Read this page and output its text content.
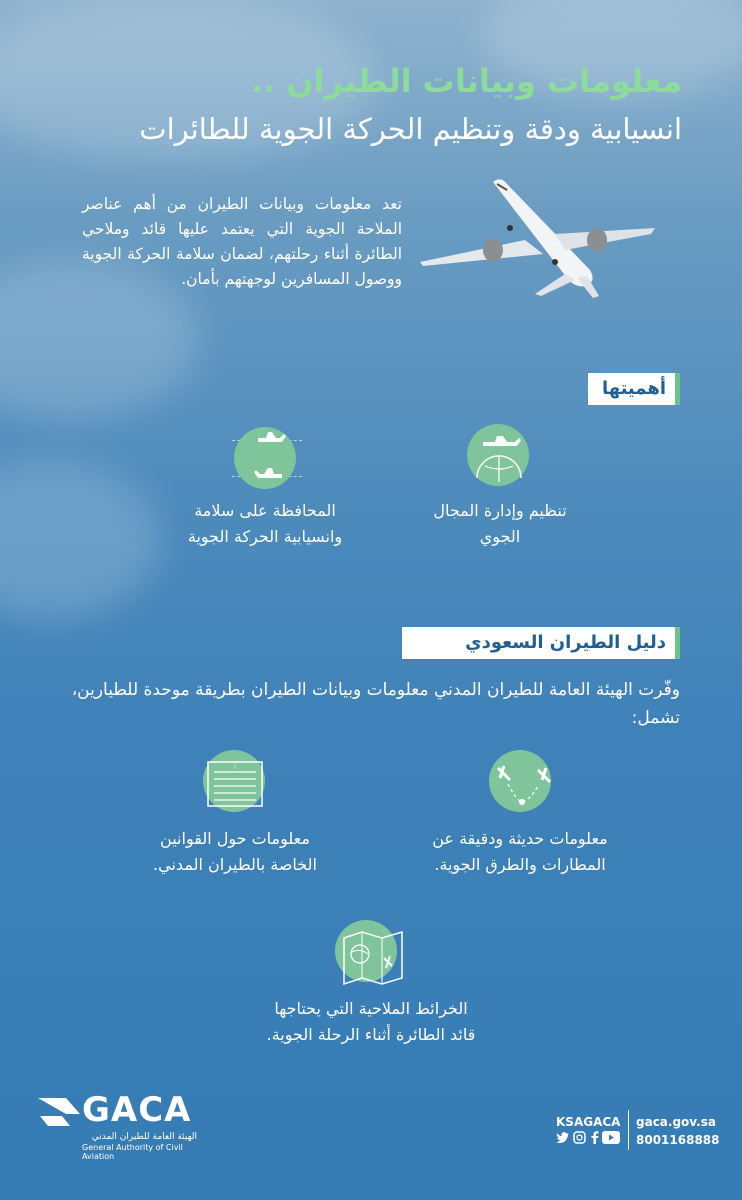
معلومات وبيانات الطيران ..
انسيابية ودقة وتنظيم الحركة الجوية للطائرات
تعد معلومات وبيانات الطيران من أهم عناصر الملاحة الجوية التي يعتمد عليها قائد وملاحي الطائرة أثناء رحلتهم، لضمان سلامة الحركة الجوية ووصول المسافرين لوجهتهم بأمان.
أهميتها
تنظيم وإدارة المجال
الجوي
المحافظة على سلامة
وانسيابية الحركة الجوية
دليل الطيران السعودي
وفّرت الهيئة العامة للطيران المدني معلومات وبيانات الطيران بطريقة موحدة للطيارين، تشمل:
i
معلومات حديثة ودقيقة عن
المطارات والطرق الجوية.
معلومات حول القوانين
الخاصة بالطيران المدني.
الخرائط الملاحية التي يحتاجها
قائد الطائرة أثناء الرحلة الجوية.
GACA
الهيئة العامة للطيران المدني
General Authority of Civil Aviation
KSAGACA gaca.gov.sa
8001168888
